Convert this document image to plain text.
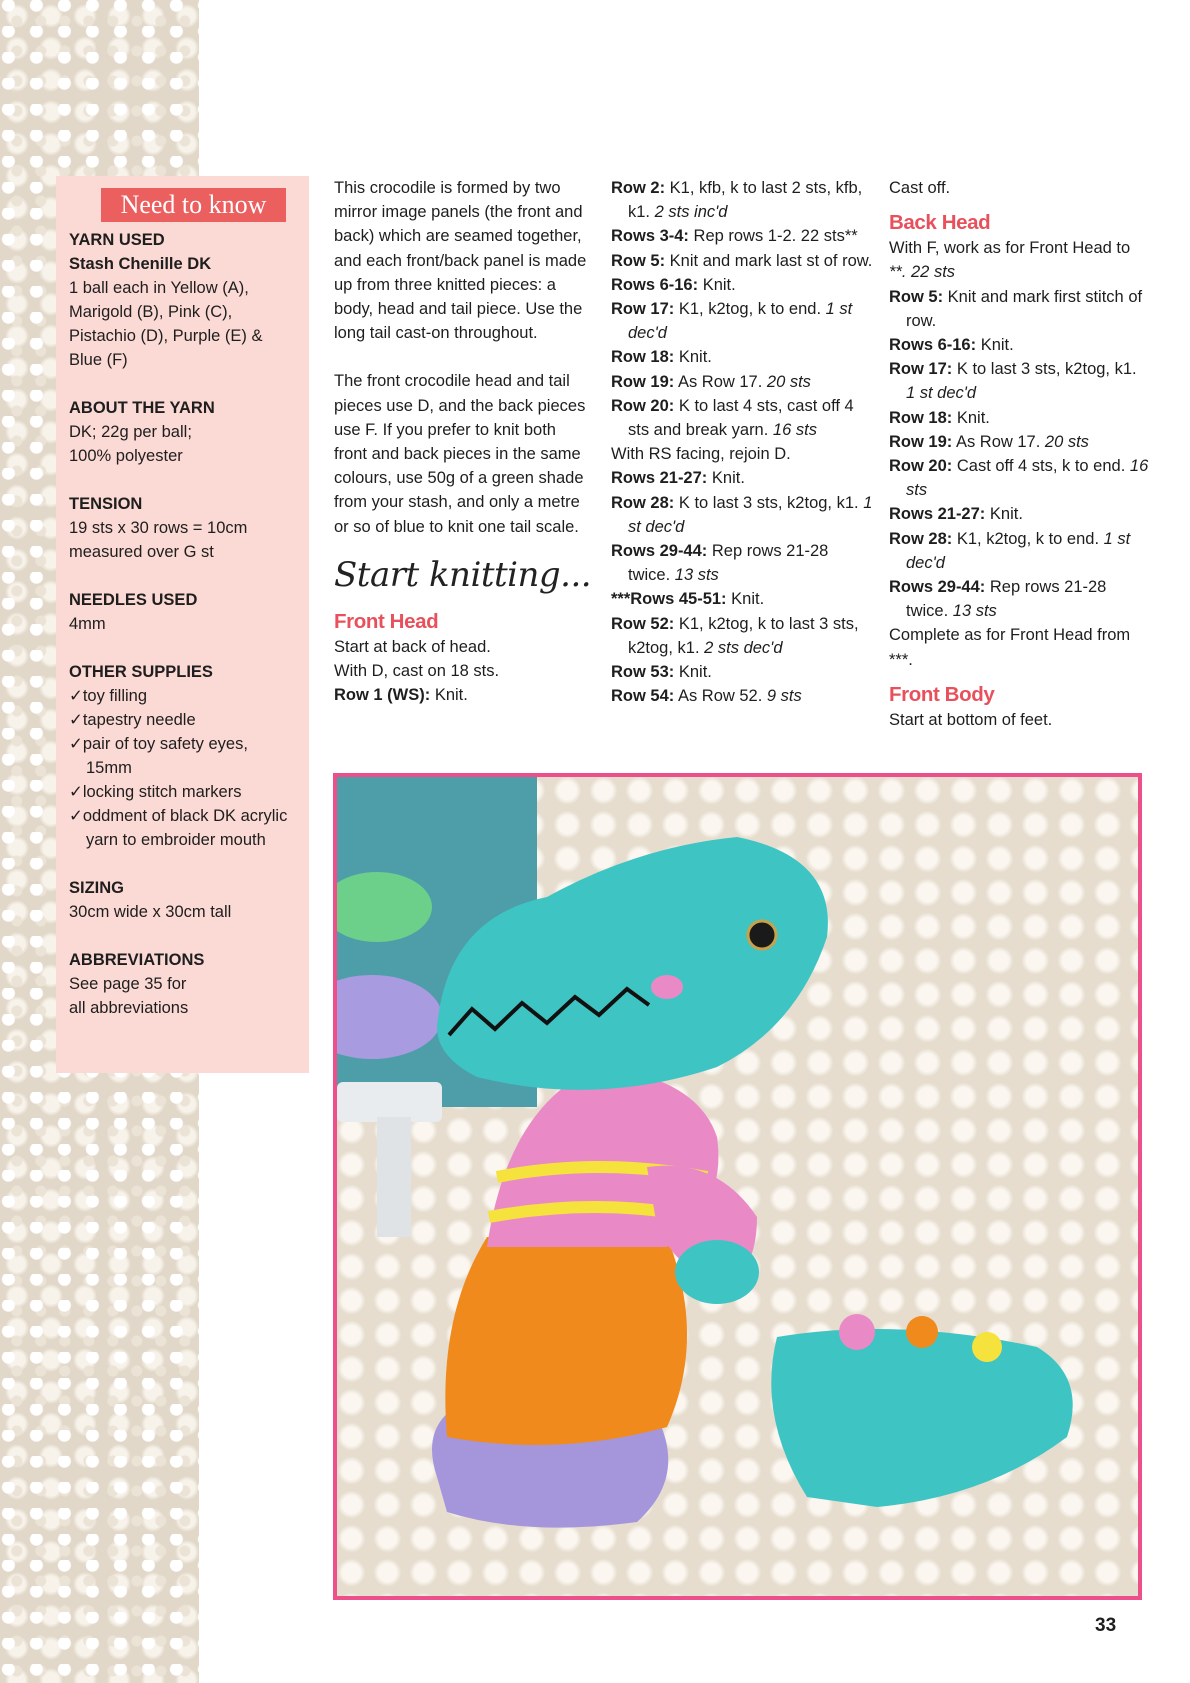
Need to know
YARN USED
Stash Chenille DK
1 ball each in Yellow (A),
Marigold (B), Pink (C),
Pistachio (D), Purple (E) &
Blue (F)
ABOUT THE YARN
DK; 22g per ball;
100% polyester
TENSION
19 sts x 30 rows = 10cm
measured over G st
NEEDLES USED
4mm
OTHER SUPPLIES
✓ toy filling
✓ tapestry needle
✓ pair of toy safety eyes, 15mm
✓ locking stitch markers
✓ oddment of black DK acrylic yarn to embroider mouth
SIZING
30cm wide x 30cm tall
ABBREVIATIONS
See page 35 for
all abbreviations

This crocodile is formed by two mirror image panels (the front and back) which are seamed together, and each front/back panel is made up from three knitted pieces: a body, head and tail piece. Use the long tail cast-on throughout.

The front crocodile head and tail pieces use D, and the back pieces use F. If you prefer to knit both front and back pieces in the same colours, use 50g of a green shade from your stash, and only a metre or so of blue to knit one tail scale.

Start knitting...

Front Head

Start at back of head.

With D, cast on 18 sts.

Row 1 (WS): Knit.

Row 2: K1, kfb, k to last 2 sts, kfb, k1. 2 sts inc'd

Rows 3-4: Rep rows 1-2. 22 sts**

Row 5: Knit and mark last st of row.

Rows 6-16: Knit.

Row 17: K1, k2tog, k to end. 1 st dec'd

Row 18: Knit.

Row 19: As Row 17. 20 sts

Row 20: K to last 4 sts, cast off 4 sts and break yarn. 16 sts

With RS facing, rejoin D.

Rows 21-27: Knit.

Row 28: K to last 3 sts, k2tog, k1. 1 st dec'd

Rows 29-44: Rep rows 21-28 twice. 13 sts

***Rows 45-51: Knit.

Row 52: K1, k2tog, k to last 3 sts, k2tog, k1. 2 sts dec'd

Row 53: Knit.

Row 54: As Row 52. 9 sts

Cast off.

Back Head

With F, work as for Front Head to **. 22 sts

Row 5: Knit and mark first stitch of row.

Rows 6-16: Knit.

Row 17: K to last 3 sts, k2tog, k1. 1 st dec'd

Row 18: Knit.

Row 19: As Row 17. 20 sts

Row 20: Cast off 4 sts, k to end. 16 sts

Rows 21-27: Knit.

Row 28: K1, k2tog, k to end. 1 st dec'd

Rows 29-44: Rep rows 21-28 twice. 13 sts

Complete as for Front Head from ***.

Front Body

Start at bottom of feet.

33
